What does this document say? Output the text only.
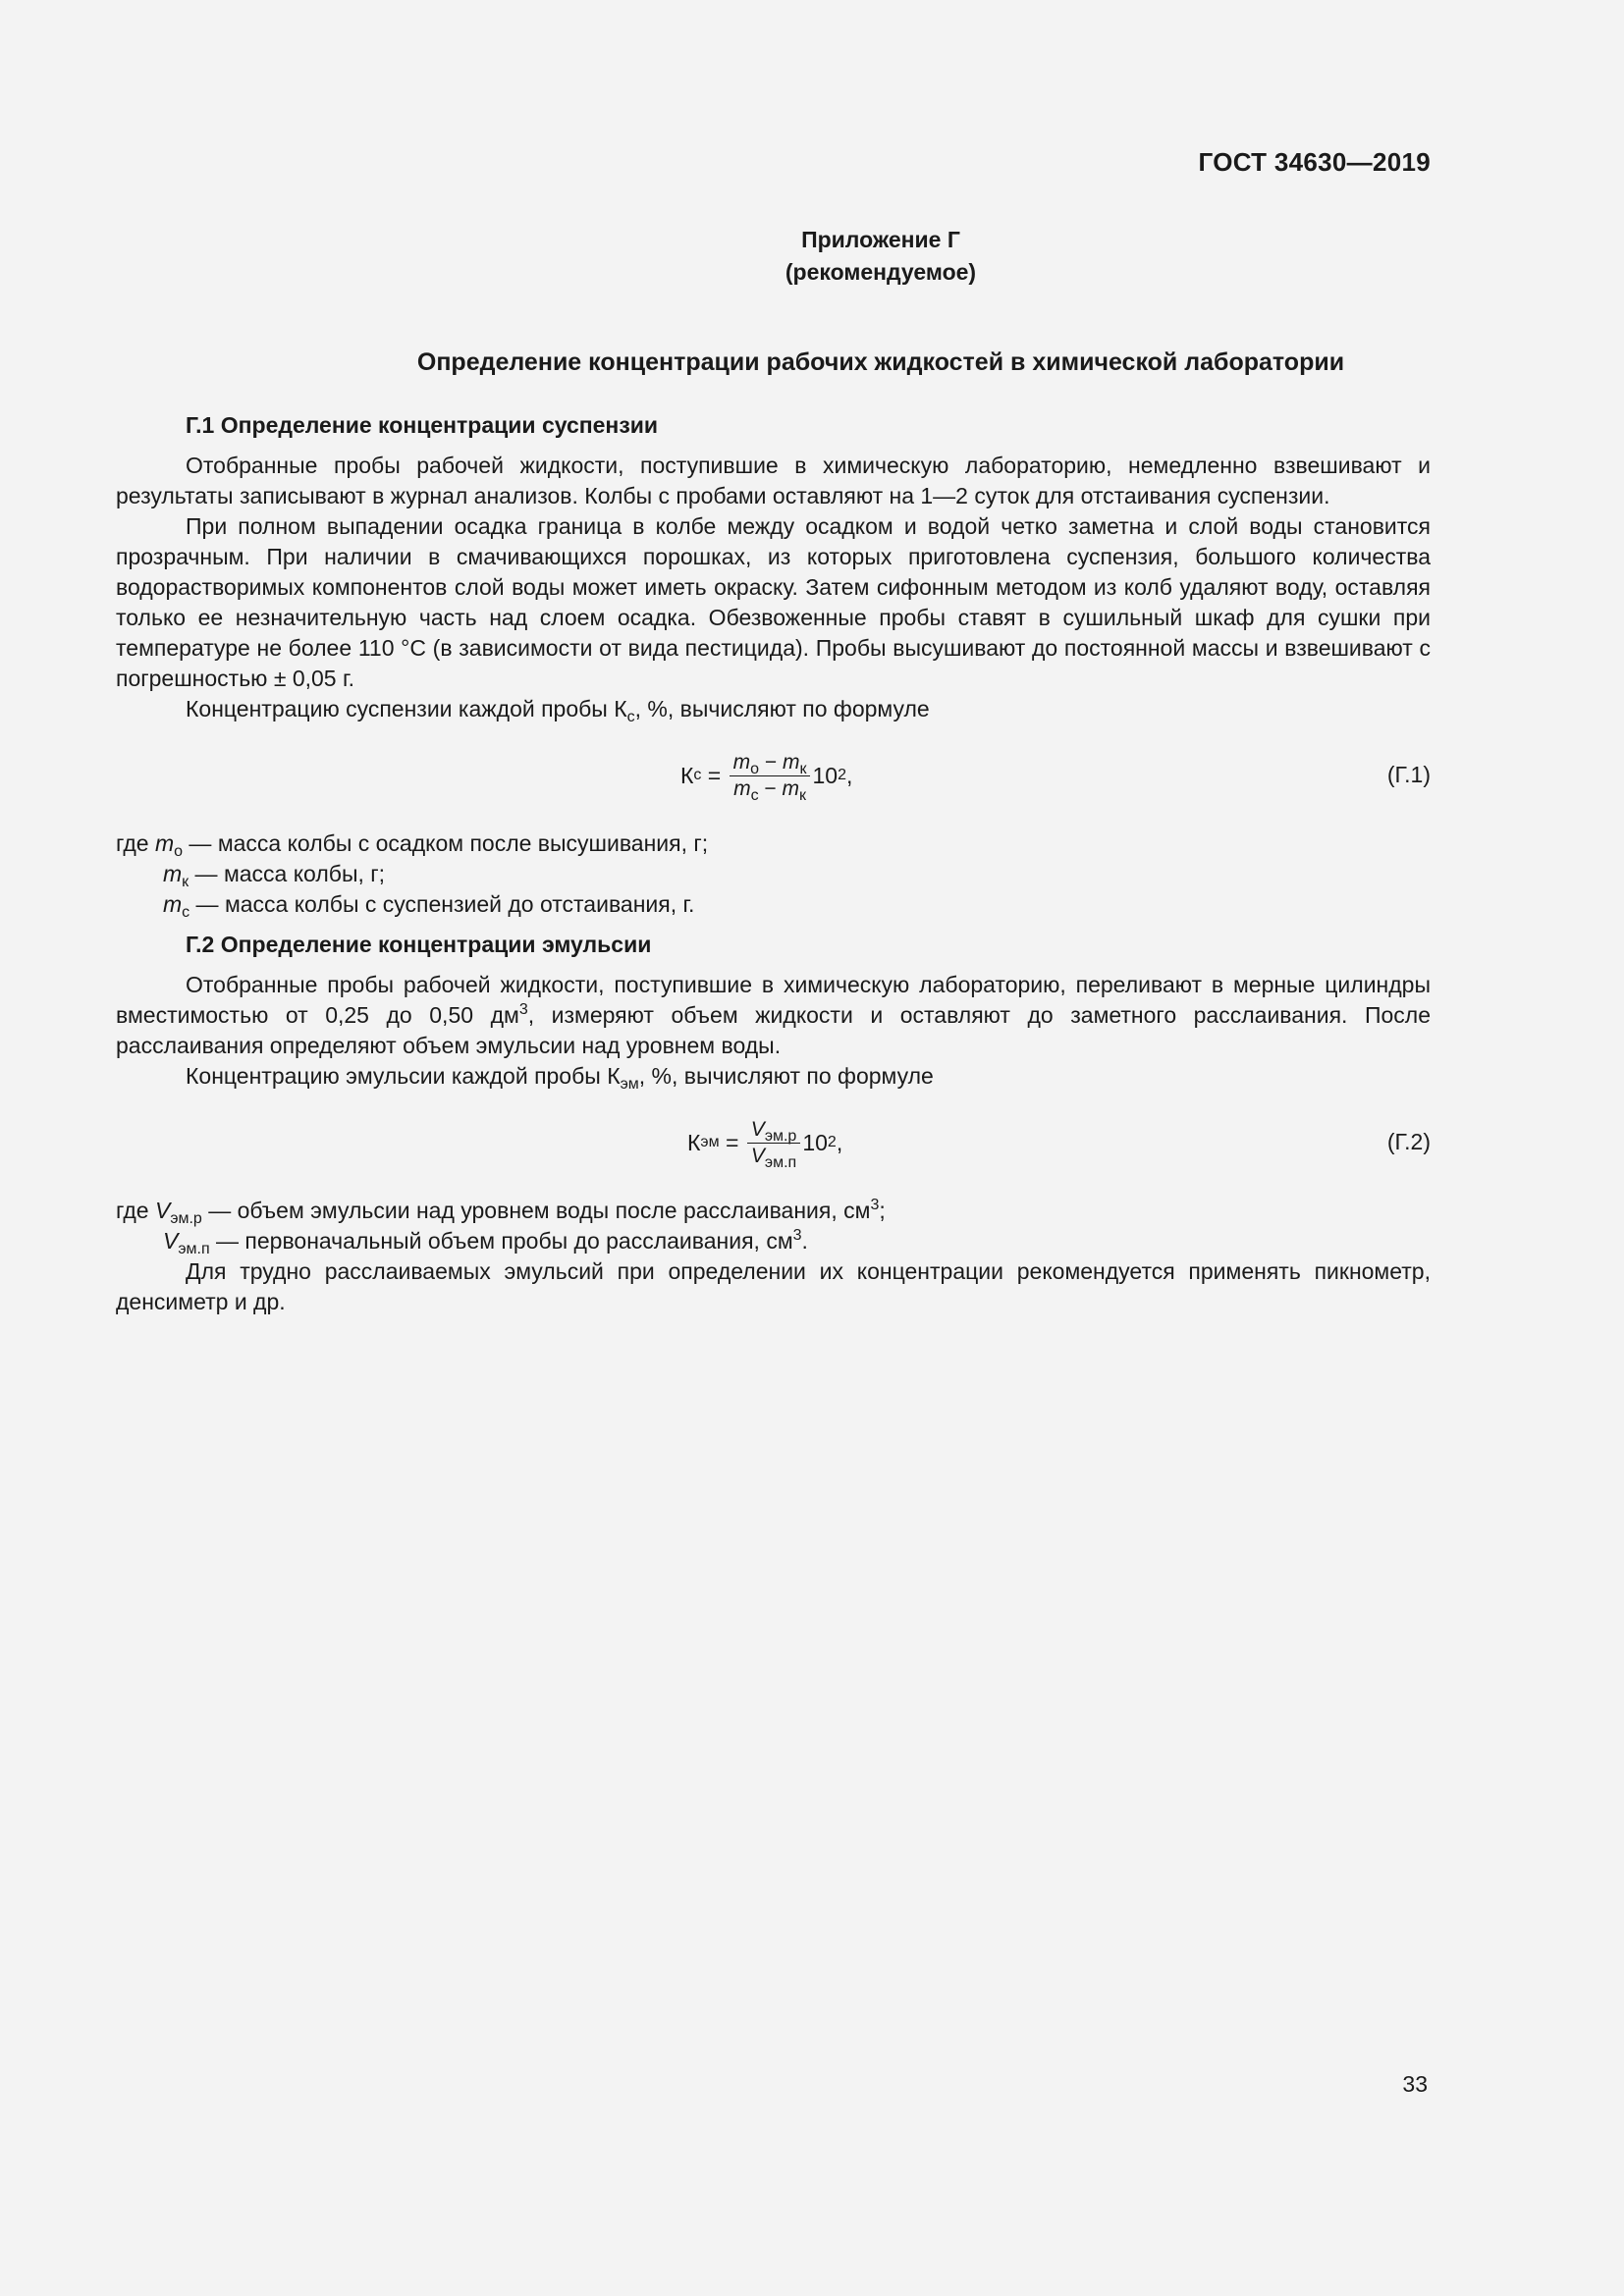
ГОСТ 34630—2019
Приложение Г
(рекомендуемое)
Определение концентрации рабочих жидкостей в химической лаборатории
Г.1 Определение концентрации суспензии

Отобранные пробы рабочей жидкости, поступившие в химическую лабораторию, немедленно взвешивают и результаты записывают в журнал анализов. Колбы с пробами оставляют на 1—2 суток для отстаивания суспензии.

При полном выпадении осадка граница в колбе между осадком и водой четко заметна и слой воды становится прозрачным. При наличии в смачивающихся порошках, из которых приготовлена суспензия, большого количества водорастворимых компонентов слой воды может иметь окраску. Затем сифонным методом из колб удаляют воду, оставляя только ее незначительную часть над слоем осадка. Обезвоженные пробы ставят в сушильный шкаф для сушки при температуре не более 110 °С (в зависимости от вида пестицида). Пробы высушивают до постоянной массы и взвешивают с погрешностью ± 0,05 г.

Концентрацию суспензии каждой пробы $К_с$, %, вычисляют по формуле

К $с = \frac{m_о - m_к}{m_с - m_к} 10$ 2 ,	(Г.1)
где $m_о$ — масса колбы с осадком после высушивания, г;
$m_к$ — масса колбы, г;
$m_с$ — масса колбы с суспензией до отстаивания, г.
Г.2 Определение концентрации эмульсии

Отобранные пробы рабочей жидкости, поступившие в химическую лабораторию, переливают в мерные цилиндры вместимостью от 0,25 до 0,50 $дм^3$, измеряют объем жидкости и оставляют до заметного расслаивания. После расслаивания определяют объем эмульсии над уровнем воды.

Концентрацию эмульсии каждой пробы $К_{эм}$, %, вычисляют по формуле

К эм = $\frac{V_{эм.р}}{V_{эм.п}} 10$ 2 ,	(Г.2)
где $V_{эм.р}$ — объем эмульсии над уровнем воды после расслаивания, $см^3$;
$V_{эм.п}$ — первоначальный объем пробы до расслаивания, $см^3$.

Для трудно расслаиваемых эмульсий при определении их концентрации рекомендуется применять пикнометр, денсиметр и др.

33
